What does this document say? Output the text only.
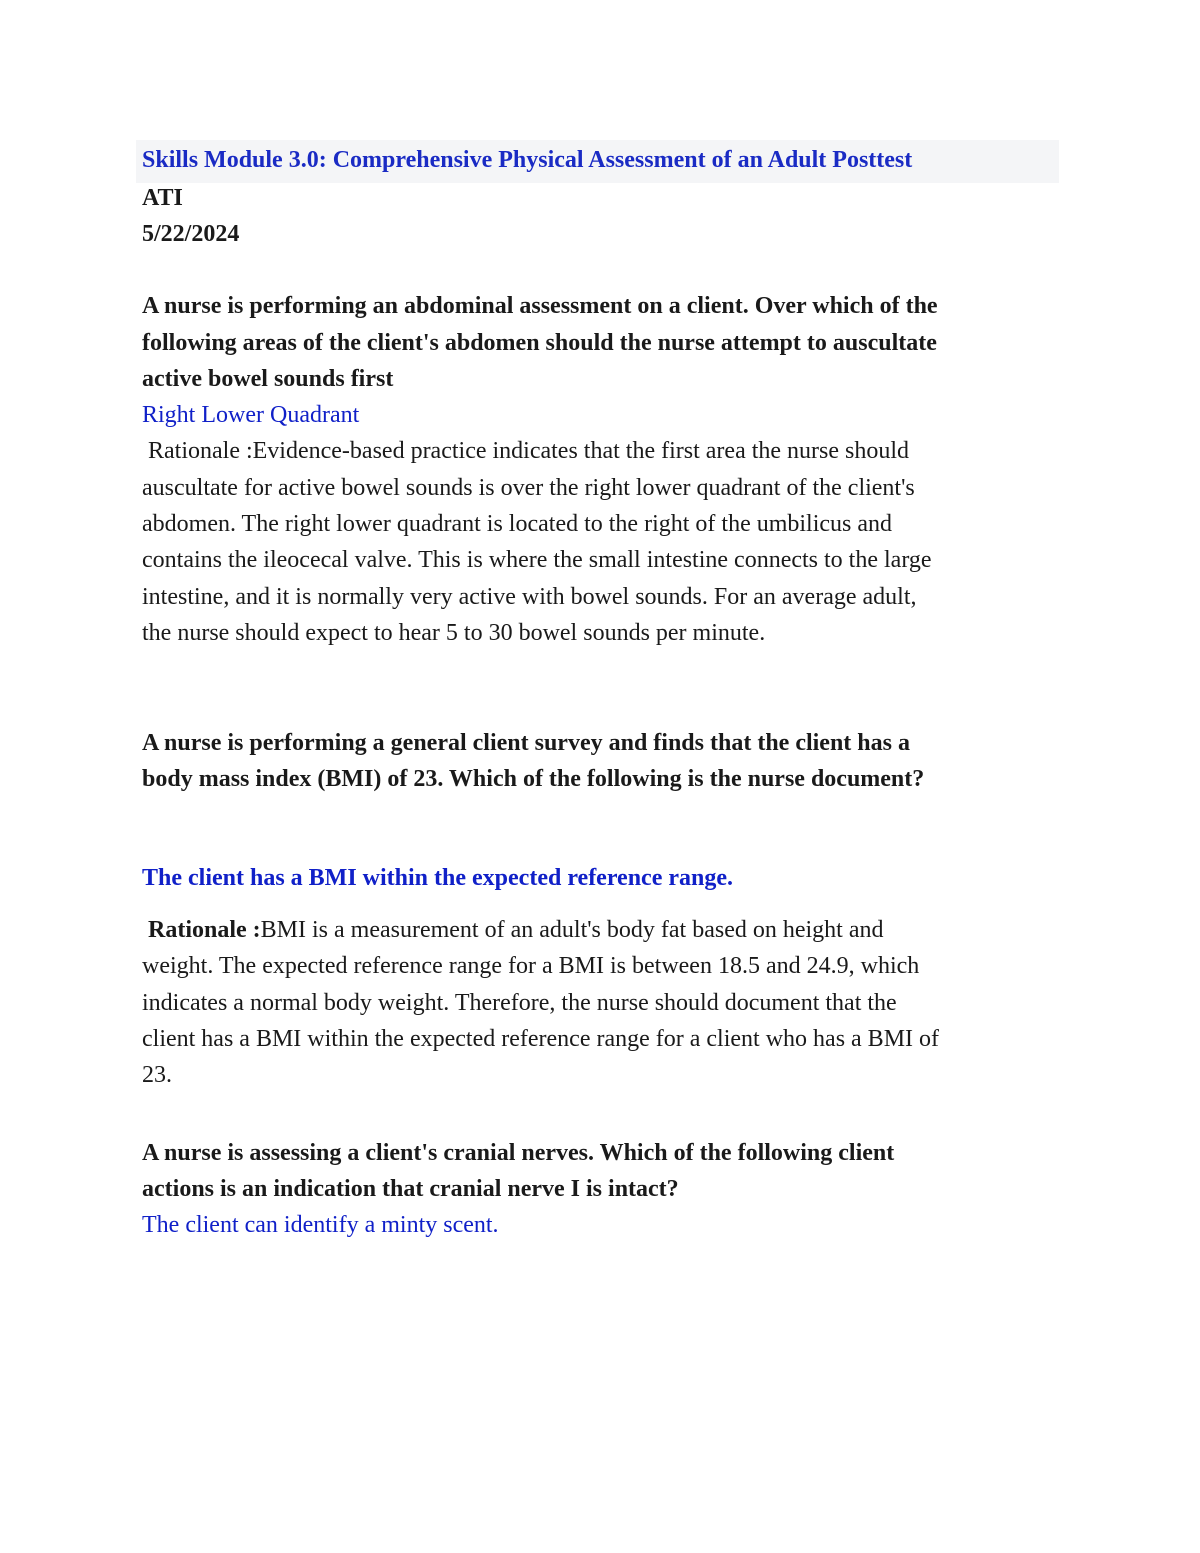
Skills Module 3.0: Comprehensive Physical Assessment of an Adult Posttest

ATI

5/22/2024

A nurse is performing an abdominal assessment on a client. Over which of the

following areas of the client's abdomen should the nurse attempt to auscultate

active bowel sounds first

Right Lower Quadrant

Rationale :Evidence-based practice indicates that the first area the nurse should

auscultate for active bowel sounds is over the right lower quadrant of the client's

abdomen. The right lower quadrant is located to the right of the umbilicus and

contains the ileocecal valve. This is where the small intestine connects to the large

intestine, and it is normally very active with bowel sounds. For an average adult,

the nurse should expect to hear 5 to 30 bowel sounds per minute.

A nurse is performing a general client survey and finds that the client has a

body mass index (BMI) of 23. Which of the following is the nurse document?

The client has a BMI within the expected reference range.

Rationale :BMI is a measurement of an adult's body fat based on height and

weight. The expected reference range for a BMI is between 18.5 and 24.9, which

indicates a normal body weight. Therefore, the nurse should document that the

client has a BMI within the expected reference range for a client who has a BMI of

23.

A nurse is assessing a client's cranial nerves. Which of the following client

actions is an indication that cranial nerve I is intact?

The client can identify a minty scent.
